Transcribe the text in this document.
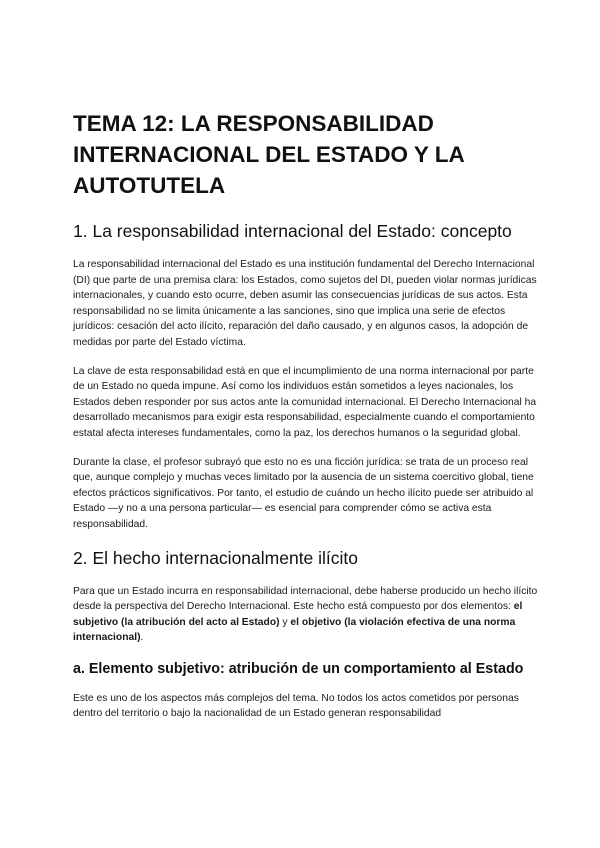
TEMA 12: LA RESPONSABILIDAD INTERNACIONAL DEL ESTADO Y LA AUTOTUTELA
1. La responsabilidad internacional del Estado: concepto

La responsabilidad internacional del Estado es una institución fundamental del Derecho Internacional (DI) que parte de una premisa clara: los Estados, como sujetos del DI, pueden violar normas jurídicas internacionales, y cuando esto ocurre, deben asumir las consecuencias jurídicas de sus actos. Esta responsabilidad no se limita únicamente a las sanciones, sino que implica una serie de efectos jurídicos: cesación del acto ilícito, reparación del daño causado, y en algunos casos, la adopción de medidas por parte del Estado víctima.

La clave de esta responsabilidad está en que el incumplimiento de una norma internacional por parte de un Estado no queda impune. Así como los individuos están sometidos a leyes nacionales, los Estados deben responder por sus actos ante la comunidad internacional. El Derecho Internacional ha desarrollado mecanismos para exigir esta responsabilidad, especialmente cuando el comportamiento estatal afecta intereses fundamentales, como la paz, los derechos humanos o la seguridad global.

Durante la clase, el profesor subrayó que esto no es una ficción jurídica: se trata de un proceso real que, aunque complejo y muchas veces limitado por la ausencia de un sistema coercitivo global, tiene efectos prácticos significativos. Por tanto, el estudio de cuándo un hecho ilícito puede ser atribuido al Estado —y no a una persona particular— es esencial para comprender cómo se activa esta responsabilidad.

2. El hecho internacionalmente ilícito

Para que un Estado incurra en responsabilidad internacional, debe haberse producido un hecho ilícito desde la perspectiva del Derecho Internacional. Este hecho está compuesto por dos elementos: el subjetivo (la atribución del acto al Estado) y el objetivo (la violación efectiva de una norma internacional).

a. Elemento subjetivo: atribución de un comportamiento al Estado

Este es uno de los aspectos más complejos del tema. No todos los actos cometidos por personas dentro del territorio o bajo la nacionalidad de un Estado generan responsabilidad
